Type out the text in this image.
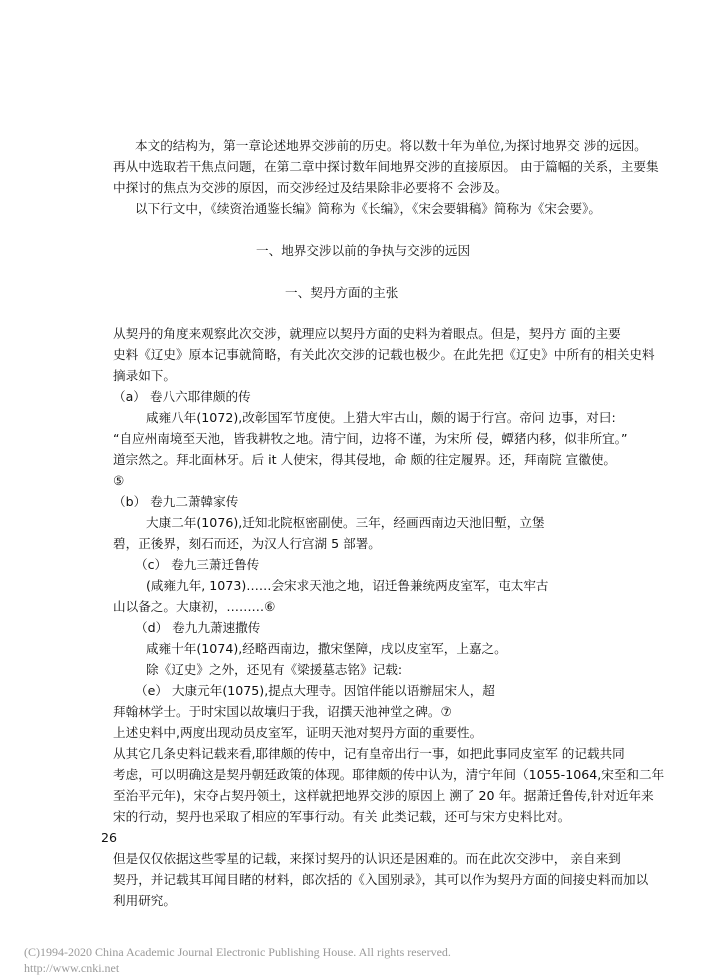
本文的结构为，第一章论述地界交涉前的历史。将以数十年为单位,为探讨地界交 涉的远因。
再从中选取若干焦点问题，在第二章中探讨数年间地界交涉的直接原因。 由于篇幅的关系，主要集
中探讨的焦点为交涉的原因，而交涉经过及结果除非必要将不 会涉及。
以下行文中，《续资治通鉴长编》简称为《长编》，《宋会要辑稿》简称为《宋会要》。
一、地界交涉以前的争执与交涉的远因
一、契丹方面的主张
从契丹的角度来观察此次交涉，就理应以契丹方面的史料为着眼点。但是，契丹方 面的主要
史料《辽史》原本记事就简略，有关此次交涉的记载也极少。在此先把《辽史》中所有的相关史料
摘录如下。
（a） 卷八六耶律颇的传
咸雍八年(1072),改彰国军节度使。上猎大牢古山，颇的谒于行宫。帝问 边事，对曰:
“自应州南境至天池，皆我耕牧之地。清宁间，边将不谨，为宋所 侵，蟫猪内移，似非所宜。”
道宗然之。拜北面林牙。后 it 人使宋，得其侵地，命 颇的往定履界。还，拜南院 宣徽使。
⑤
（b） 卷九二萧韓家传
大康二年(1076),迁知北院枢密副使。三年，经画西南边天池旧塹，立堡
碧，正後界，刻石而还，为汉人行宫湖 5 部署。
（c） 卷九三萧迁鲁传
(咸雍九年, 1073)……会宋求天池之地，诏迁鲁兼统两皮室军，屯太牢古
山以备之。大康初，………⑥
（d） 卷九九萧速撒传
咸雍十年(1074),经略西南边，撒宋堡障，戌以皮室军，上嘉之。
除《辽史》之外，还见有《梁援墓志铭》记载:
（e） 大康元年(1075),提点大理寺。因馆伴能以语辦屈宋人，超
拜翰林学士。于时宋国以故壤归于我，诏撰天池神堂之碑。⑦
上述史料中,两度出现动员皮室军，证明天池对契丹方面的重要性。
从其它几条史料记载来看,耶律颇的传中，记有皇帝出行一事，如把此事同皮室军 的记载共同
考虑，可以明确这是契丹朝廷政策的体现。耶律颇的传中认为，清宁年间（1055-1064,宋至和二年
至治平元年)，宋夺占契丹领土，这样就把地界交涉的原因上 溯了 20 年。据萧迁鲁传,针对近年来
宋的行动，契丹也采取了相应的军事行动。有关 此类记载，还可与宋方史料比对。
26
但是仅仅依据这些零星的记载，来探讨契丹的认识还是困难的。而在此次交涉中， 亲自来到
契丹，并记载其耳闻目睹的材料，郎次括的《入国别录》，其可以作为契丹方面的间接史料而加以
利用研究。
(C)1994-2020 China Academic Journal Electronic Publishing House. All rights reserved.
http://www.cnki.net
